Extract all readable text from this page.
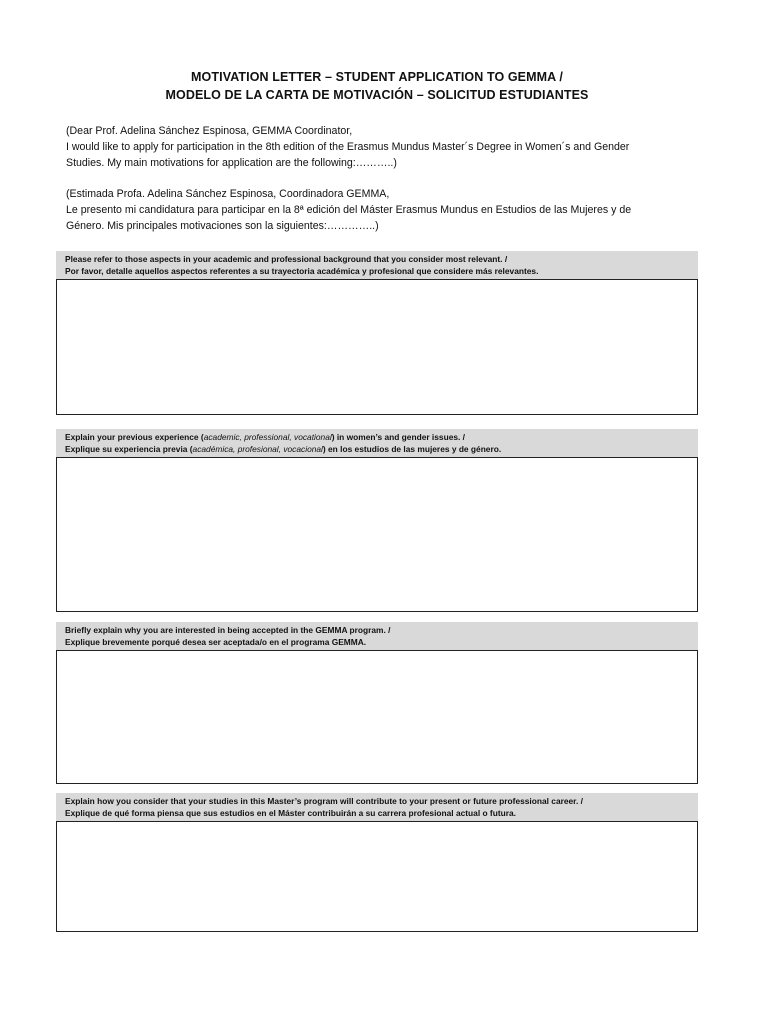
MOTIVATION LETTER – STUDENT APPLICATION TO GEMMA /
MODELO DE LA CARTA DE MOTIVACIÓN – SOLICITUD ESTUDIANTES
(Dear Prof. Adelina Sánchez Espinosa, GEMMA Coordinator,
I would like to apply for participation in the 8th edition of the Erasmus Mundus Master´s Degree in Women´s and Gender
Studies. My main motivations for application are the following:………..)
(Estimada Profa. Adelina Sánchez Espinosa, Coordinadora GEMMA,
Le presento mi candidatura para participar en la 8ª edición del Máster Erasmus Mundus en Estudios de las Mujeres y de
Género. Mis principales motivaciones son la siguientes:…………..)
Please refer to those aspects in your academic and professional background that you consider most relevant. /
Por favor, detalle aquellos aspectos referentes a su trayectoria académica y profesional que considere más relevantes.
Explain your previous experience (academic, professional, vocational) in women’s and gender issues. /
Explique su experiencia previa (académica, profesional, vocacional) en los estudios de las mujeres y de género.
Briefly explain why you are interested in being accepted in the GEMMA program. /
Explique brevemente porqué desea ser aceptada/o en el programa GEMMA.
Explain how you consider that your studies in this Master’s program will contribute to your present or future professional career. /
Explique de qué forma piensa que sus estudios en el Máster contribuirán a su carrera profesional actual o futura.
